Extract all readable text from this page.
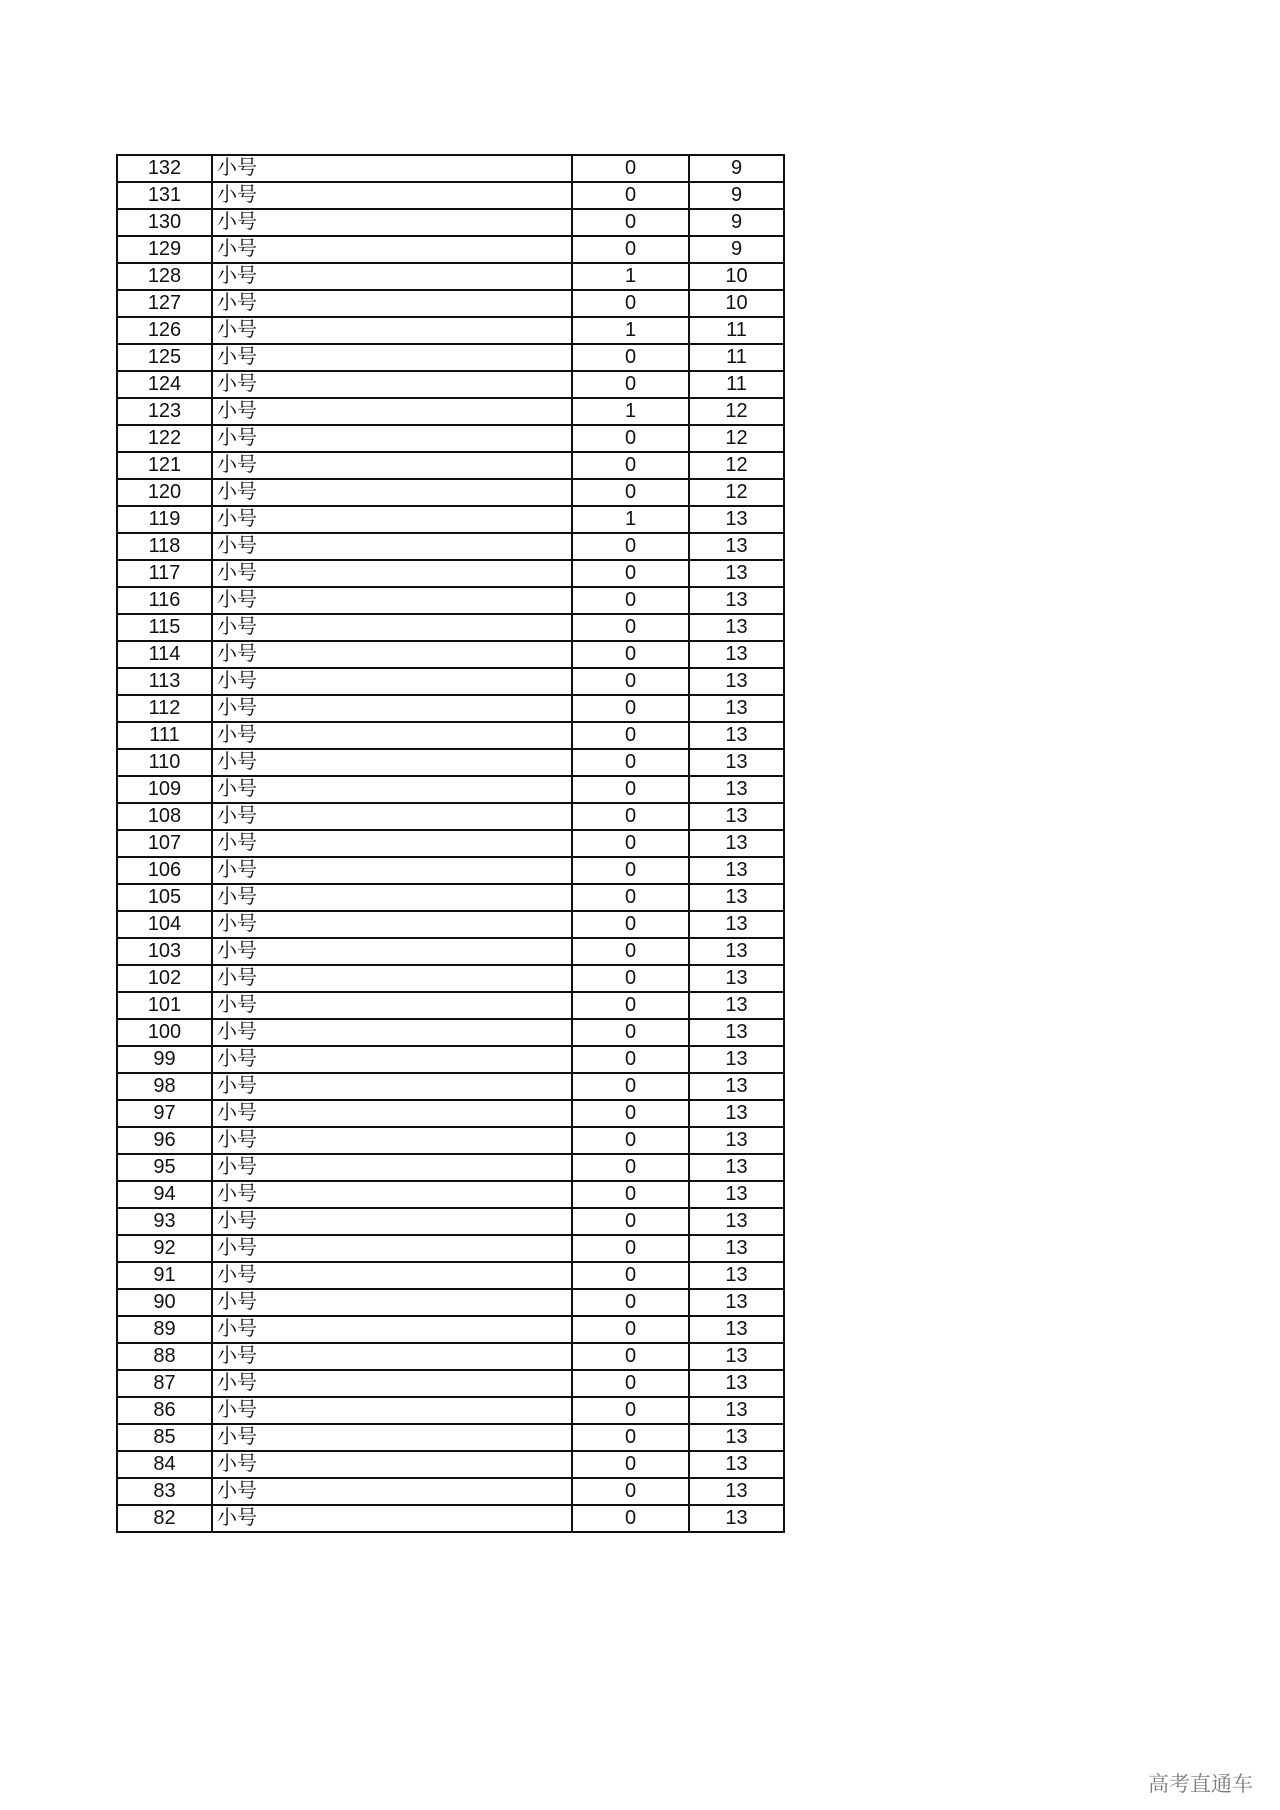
132	小号	0	9
131	小号	0	9
130	小号	0	9
129	小号	0	9
128	小号	1	10
127	小号	0	10
126	小号	1	11
125	小号	0	11
124	小号	0	11
123	小号	1	12
122	小号	0	12
121	小号	0	12
120	小号	0	12
119	小号	1	13
118	小号	0	13
117	小号	0	13
116	小号	0	13
115	小号	0	13
114	小号	0	13
113	小号	0	13
112	小号	0	13
111	小号	0	13
110	小号	0	13
109	小号	0	13
108	小号	0	13
107	小号	0	13
106	小号	0	13
105	小号	0	13
104	小号	0	13
103	小号	0	13
102	小号	0	13
101	小号	0	13
100	小号	0	13
99	小号	0	13
98	小号	0	13
97	小号	0	13
96	小号	0	13
95	小号	0	13
94	小号	0	13
93	小号	0	13
92	小号	0	13
91	小号	0	13
90	小号	0	13
89	小号	0	13
88	小号	0	13
87	小号	0	13
86	小号	0	13
85	小号	0	13
84	小号	0	13
83	小号	0	13
82	小号	0	13
高考直通车
